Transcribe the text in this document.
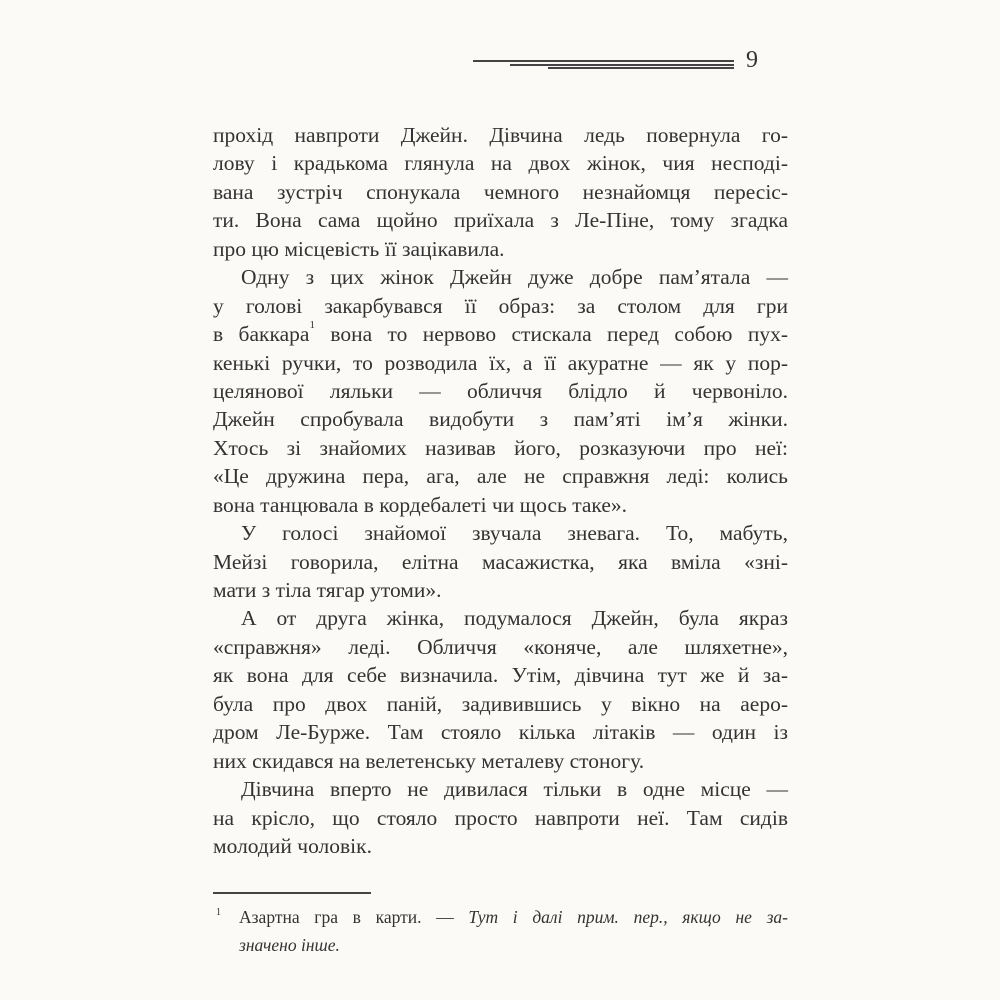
9
прохід навпроти Джейн. Дівчина ледь повернула го-
лову і крадькома глянула на двох жінок, чия несподі-
вана зустріч спонукала чемного незнайомця пересіс-
ти. Вона сама щойно приїхала з Ле-Піне, тому згадка
про цю місцевість її зацікавила.
Одну з цих жінок Джейн дуже добре пам’ятала —
у голові закарбувався її образ: за столом для гри
в баккара$^1$ вона то нервово стискала перед собою пух-
кенькі ручки, то розводила їх, а її акуратне — як у пор-
целянової ляльки — обличчя блідло й червоніло.
Джейн спробувала видобути з пам’яті ім’я жінки.
Хтось зі знайомих називав його, розказуючи про неї:
«Це дружина пера, ага, але не справжня леді: колись
вона танцювала в кордебалеті чи щось таке».
У голосі знайомої звучала зневага. То, мабуть,
Мейзі говорила, елітна масажистка, яка вміла «зні-
мати з тіла тягар утоми».
А от друга жінка, подумалося Джейн, була якраз
«справжня» леді. Обличчя «коняче, але шляхетне»,
як вона для себе визначила. Утім, дівчина тут же й за-
була про двох паній, задивившись у вікно на аеро-
дром Ле-Бурже. Там стояло кілька літаків — один із
них скидався на велетенську металеву стоногу.
Дівчина вперто не дивилася тільки в одне місце —
на крісло, що стояло просто навпроти неї. Там сидів
молодий чоловік.
1	Азартна гра в карти. — Тут і далі прим. пер., якщо не за-
значено інше.
